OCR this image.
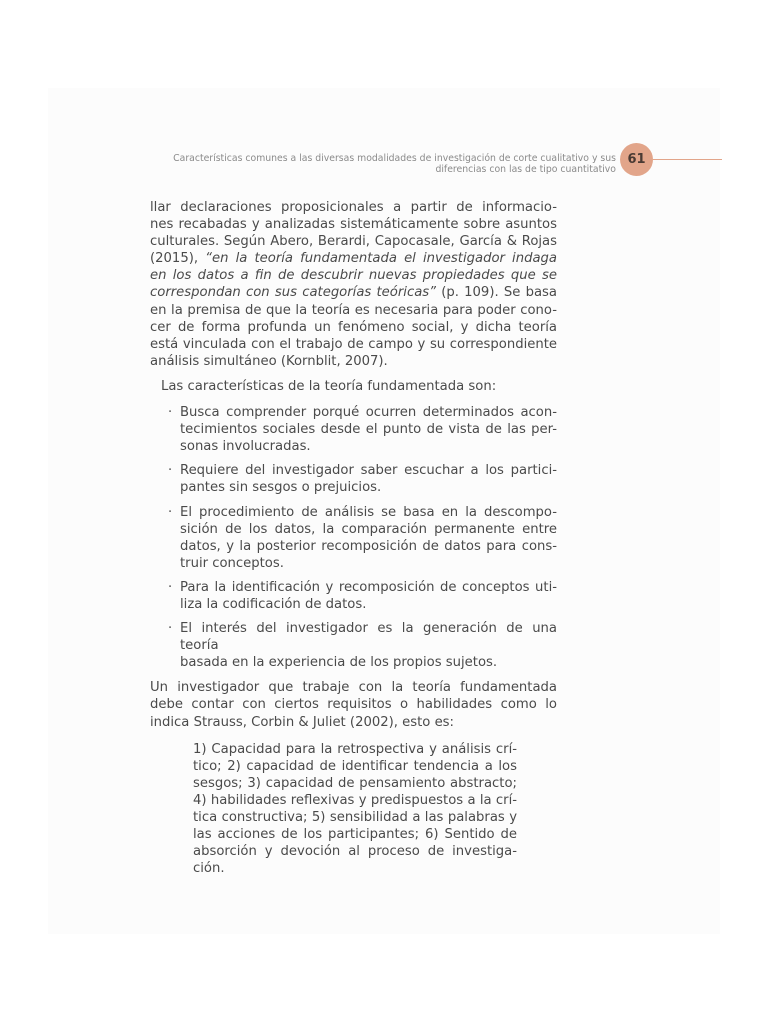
Características comunes a las diversas modalidades de investigación de corte cualitativo y sus
diferencias con las de tipo cuantitativo
61
llar declaraciones proposicionales a partir de informacio-
nes recabadas y analizadas sistemáticamente sobre asuntos
culturales. Según Abero, Berardi, Capocasale, García & Rojas
(2015), “en la teoría fundamentada el investigador indaga
en los datos a fin de descubrir nuevas propiedades que se
correspondan con sus categorías teóricas” (p. 109). Se basa
en la premisa de que la teoría es necesaria para poder cono-
cer de forma profunda un fenómeno social, y dicha teoría
está vinculada con el trabajo de campo y su correspondiente
análisis simultáneo (Kornblit, 2007).
Las características de la teoría fundamentada son:
· Busca comprender porqué ocurren determinados acon-
tecimientos sociales desde el punto de vista de las per-
sonas involucradas.
· Requiere del investigador saber escuchar a los partici-
pantes sin sesgos o prejuicios.
· El procedimiento de análisis se basa en la descompo-
sición de los datos, la comparación permanente entre
datos, y la posterior recomposición de datos para cons-
truir conceptos.
· Para la identificación y recomposición de conceptos uti-
liza la codificación de datos.
· El interés del investigador es la generación de una teoría
basada en la experiencia de los propios sujetos.
Un investigador que trabaje con la teoría fundamentada
debe contar con ciertos requisitos o habilidades como lo
indica Strauss, Corbin & Juliet (2002), esto es:
1) Capacidad para la retrospectiva y análisis crí-
tico; 2) capacidad de identificar tendencia a los
sesgos; 3) capacidad de pensamiento abstracto;
4) habilidades reflexivas y predispuestos a la crí-
tica constructiva; 5) sensibilidad a las palabras y
las acciones de los participantes; 6) Sentido de
absorción y devoción al proceso de investiga-
ción.
